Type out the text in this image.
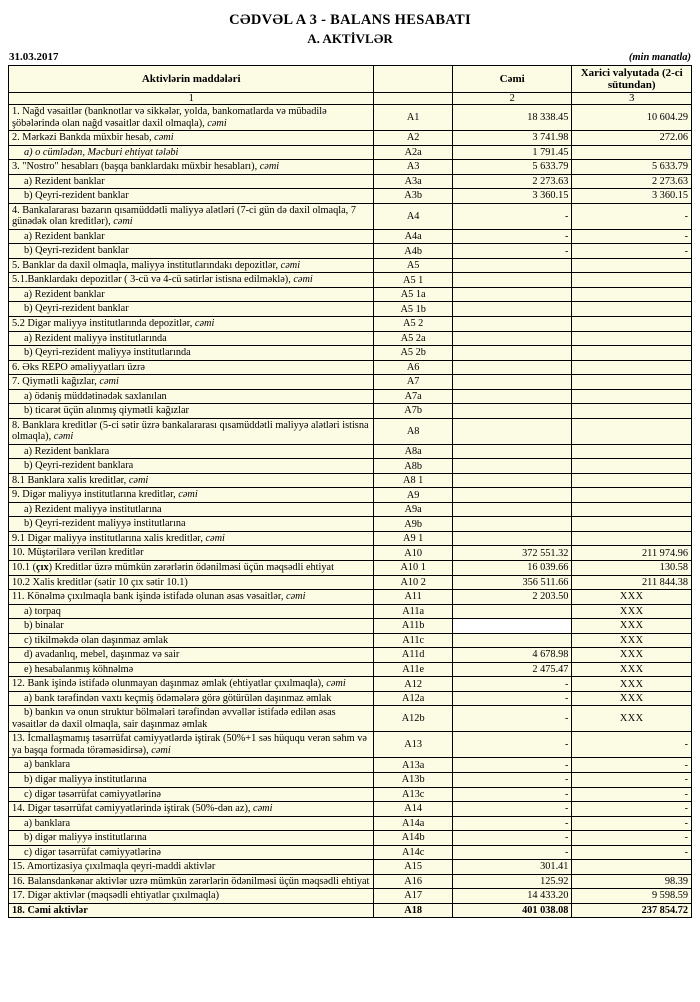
CƏDVƏL A 3 - BALANS HESABATI
A. AKTİVLƏR
31.03.2017	(min manatla)
Aktivlərin maddələri		Cəmi	Xarici valyutada (2-ci sütundan)
1		2	3
1. Nağd vəsaitlər (banknotlar və sikkələr, yolda, bankomatlarda və mübadilə şöbələrində olan nağd vəsaitlər daxil olmaqla), cəmi	A1	18 338.45	10 604.29
2. Mərkəzi Bankda müxbir hesab, cəmi	A2	3 741.98	272.06
a) o cümlədən, Məcburi ehtiyat tələbi	A2a	1 791.45	
3. "Nostro" hesabları (başqa banklardakı müxbir hesabları), cəmi	A3	5 633.79	5 633.79
a) Rezident banklar	A3a	2 273.63	2 273.63
b) Qeyri-rezident banklar	A3b	3 360.15	3 360.15
4. Bankalararası bazarın qısamüddətli maliyyə alətləri (7-ci gün də daxil olmaqla, 7 günədək olan kreditlər), cəmi	A4	-	-
a) Rezident banklar	A4a	-	-
b) Qeyri-rezident banklar	A4b	-	-
5. Banklar da daxil olmaqla, maliyyə institutlarındakı depozitlər, cəmi	A5		
5.1.Banklardakı depozitlər ( 3-cü və 4-cü sətirlər istisna edilməklə), cəmi	A5 1		
a) Rezident banklar	A5 1a		
b) Qeyri-rezident banklar	A5 1b		
5.2 Digər maliyyə institutlarında depozitlər, cəmi	A5 2		
a) Rezident maliyyə institutlarında	A5 2a		
b) Qeyri-rezident maliyyə institutlarında	A5 2b		
6. Əks REPO əməliyyatları üzrə	A6		
7. Qiymətli kağızlar, cəmi	A7		
a) ödəniş müddətinədək saxlanılan	A7a		
b) ticarət üçün alınmış qiymətli kağızlar	A7b		
8. Banklara kreditlər (5-ci sətir üzrə bankalararası qısamüddətli maliyyə alətləri istisna olmaqla), cəmi	A8		
a) Rezident banklara	A8a		
b) Qeyri-rezident banklara	A8b		
8.1 Banklara xalis kreditlər, cəmi	A8 1		
9. Digər maliyyə institutlarına kreditlər, cəmi	A9		
a) Rezident maliyyə institutlarına	A9a		
b) Qeyri-rezident maliyyə institutlarına	A9b		
9.1 Digər maliyyə institutlarına xalis kreditlər, cəmi	A9 1		
10. Müştərilərə verilən kreditlər	A10	372 551.32	211 974.96
10.1 (çıx) Kreditlər üzrə mümkün zərərlərin ödənilməsi üçün məqsədli ehtiyat	A10 1	16 039.66	130.58
10.2 Xalis kreditlər (sətir 10 çıx sətir 10.1)	A10 2	356 511.66	211 844.38
11. Könəlmə çıxılmaqla bank işində istifadə olunan əsas vəsaitlər, cəmi	A11	2 203.50	XXX
a) torpaq	A11a		XXX
b) binalar	A11b		XXX
c) tikilməkdə olan daşınmaz əmlak	A11c		XXX
d) avadanlıq, mebel, daşınmaz və sair	A11d	4 678.98	XXX
e) hesabalanmış köhnəlmə	A11e	2 475.47	XXX
12. Bank işində istifadə olunmayan daşınmaz əmlak (ehtiyatlar çıxılmaqla), cəmi	A12	-	XXX
a) bank tərəfindən vaxtı keçmiş ödəmələrə görə götürülən daşınmaz əmlak	A12a	-	XXX
b) bankın və onun struktur bölmələri tərəfindən əvvəllər istifadə edilən əsas vəsaitlər də daxil olmaqla, sair daşınmaz əmlak	A12b	-	XXX
13. İcmallaşmamış təsərrüfat cəmiyyətlərdə iştirak (50%+1 səs hüququ verən səhm və ya başqa formada törəməsidirsə), cəmi	A13	-	-
a) banklara	A13a	-	-
b) digər maliyyə institutlarına	A13b	-	-
c) digər təsərrüfat cəmiyyətlərinə	A13c	-	-
14. Digər təsərrüfat cəmiyyətlərində iştirak (50%-dən az), cəmi	A14	-	-
a) banklara	A14a	-	-
b) digər maliyyə institutlarına	A14b	-	-
c) digər təsərrüfat cəmiyyətlərinə	A14c	-	-
15. Amortizasiya çıxılmaqla qeyri-maddi aktivlər	A15	301.41	
16. Balansdankənar aktivlər uzrə mümkün zərərlərin ödənilməsi üçün məqsədli ehtiyat	A16	125.92	98.39
17. Digər aktivlər (məqsədli ehtiyatlar çıxılmaqla)	A17	14 433.20	9 598.59
18. Cəmi aktivlər	A18	401 038.08	237 854.72
